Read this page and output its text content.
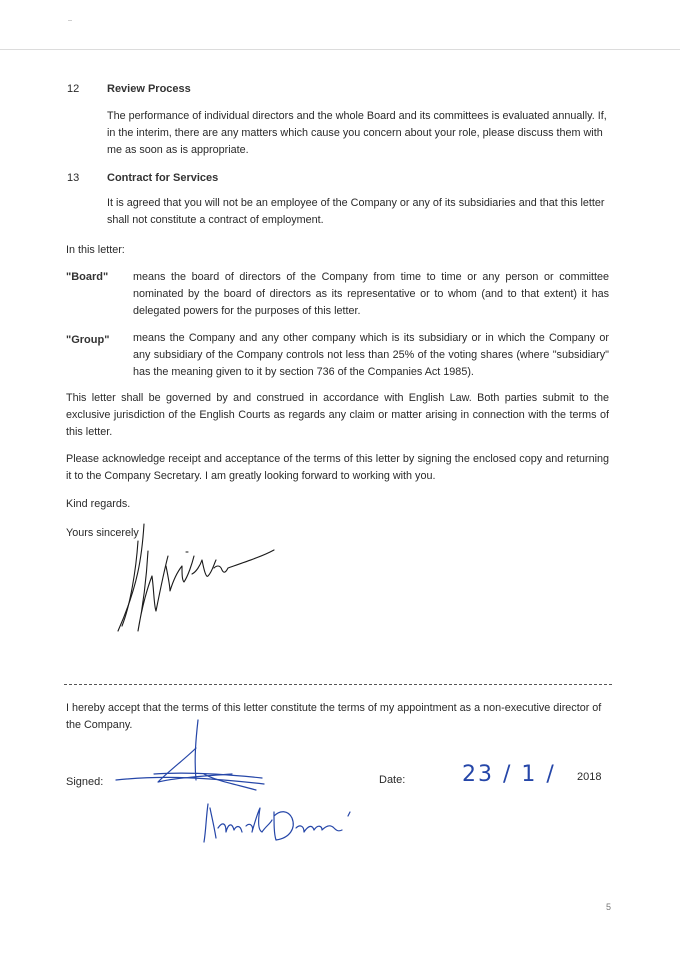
12	Review Process

The performance of individual directors and the whole Board and its committees is evaluated annually. If, in the interim, there are any matters which cause you concern about your role, please discuss them with me as soon as is appropriate.

13	Contract for Services

It is agreed that you will not be an employee of the Company or any of its subsidiaries and that this letter shall not constitute a contract of employment.

In this letter:

"Board" means the board of directors of the Company from time to time or any person or committee nominated by the board of directors as its representative or to whom (and to that extent) it has delegated powers for the purposes of this letter.

"Group" means the Company and any other company which is its subsidiary or in which the Company or any subsidiary of the Company controls not less than 25% of the voting shares (where "subsidiary" has the meaning given to it by section 736 of the Companies Act 1985).

This letter shall be governed by and construed in accordance with English Law. Both parties submit to the exclusive jurisdiction of the English Courts as regards any claim or matter arising in connection with the terms of this letter.

Please acknowledge receipt and acceptance of the terms of this letter by signing the enclosed copy and returning it to the Company Secretary. I am greatly looking forward to working with you.

Kind regards.

Yours sincerely

I hereby accept that the terms of this letter constitute the terms of my appointment as a non-executive director of the Company.

Signed:	Date:	23 / 1 / 2018
5
